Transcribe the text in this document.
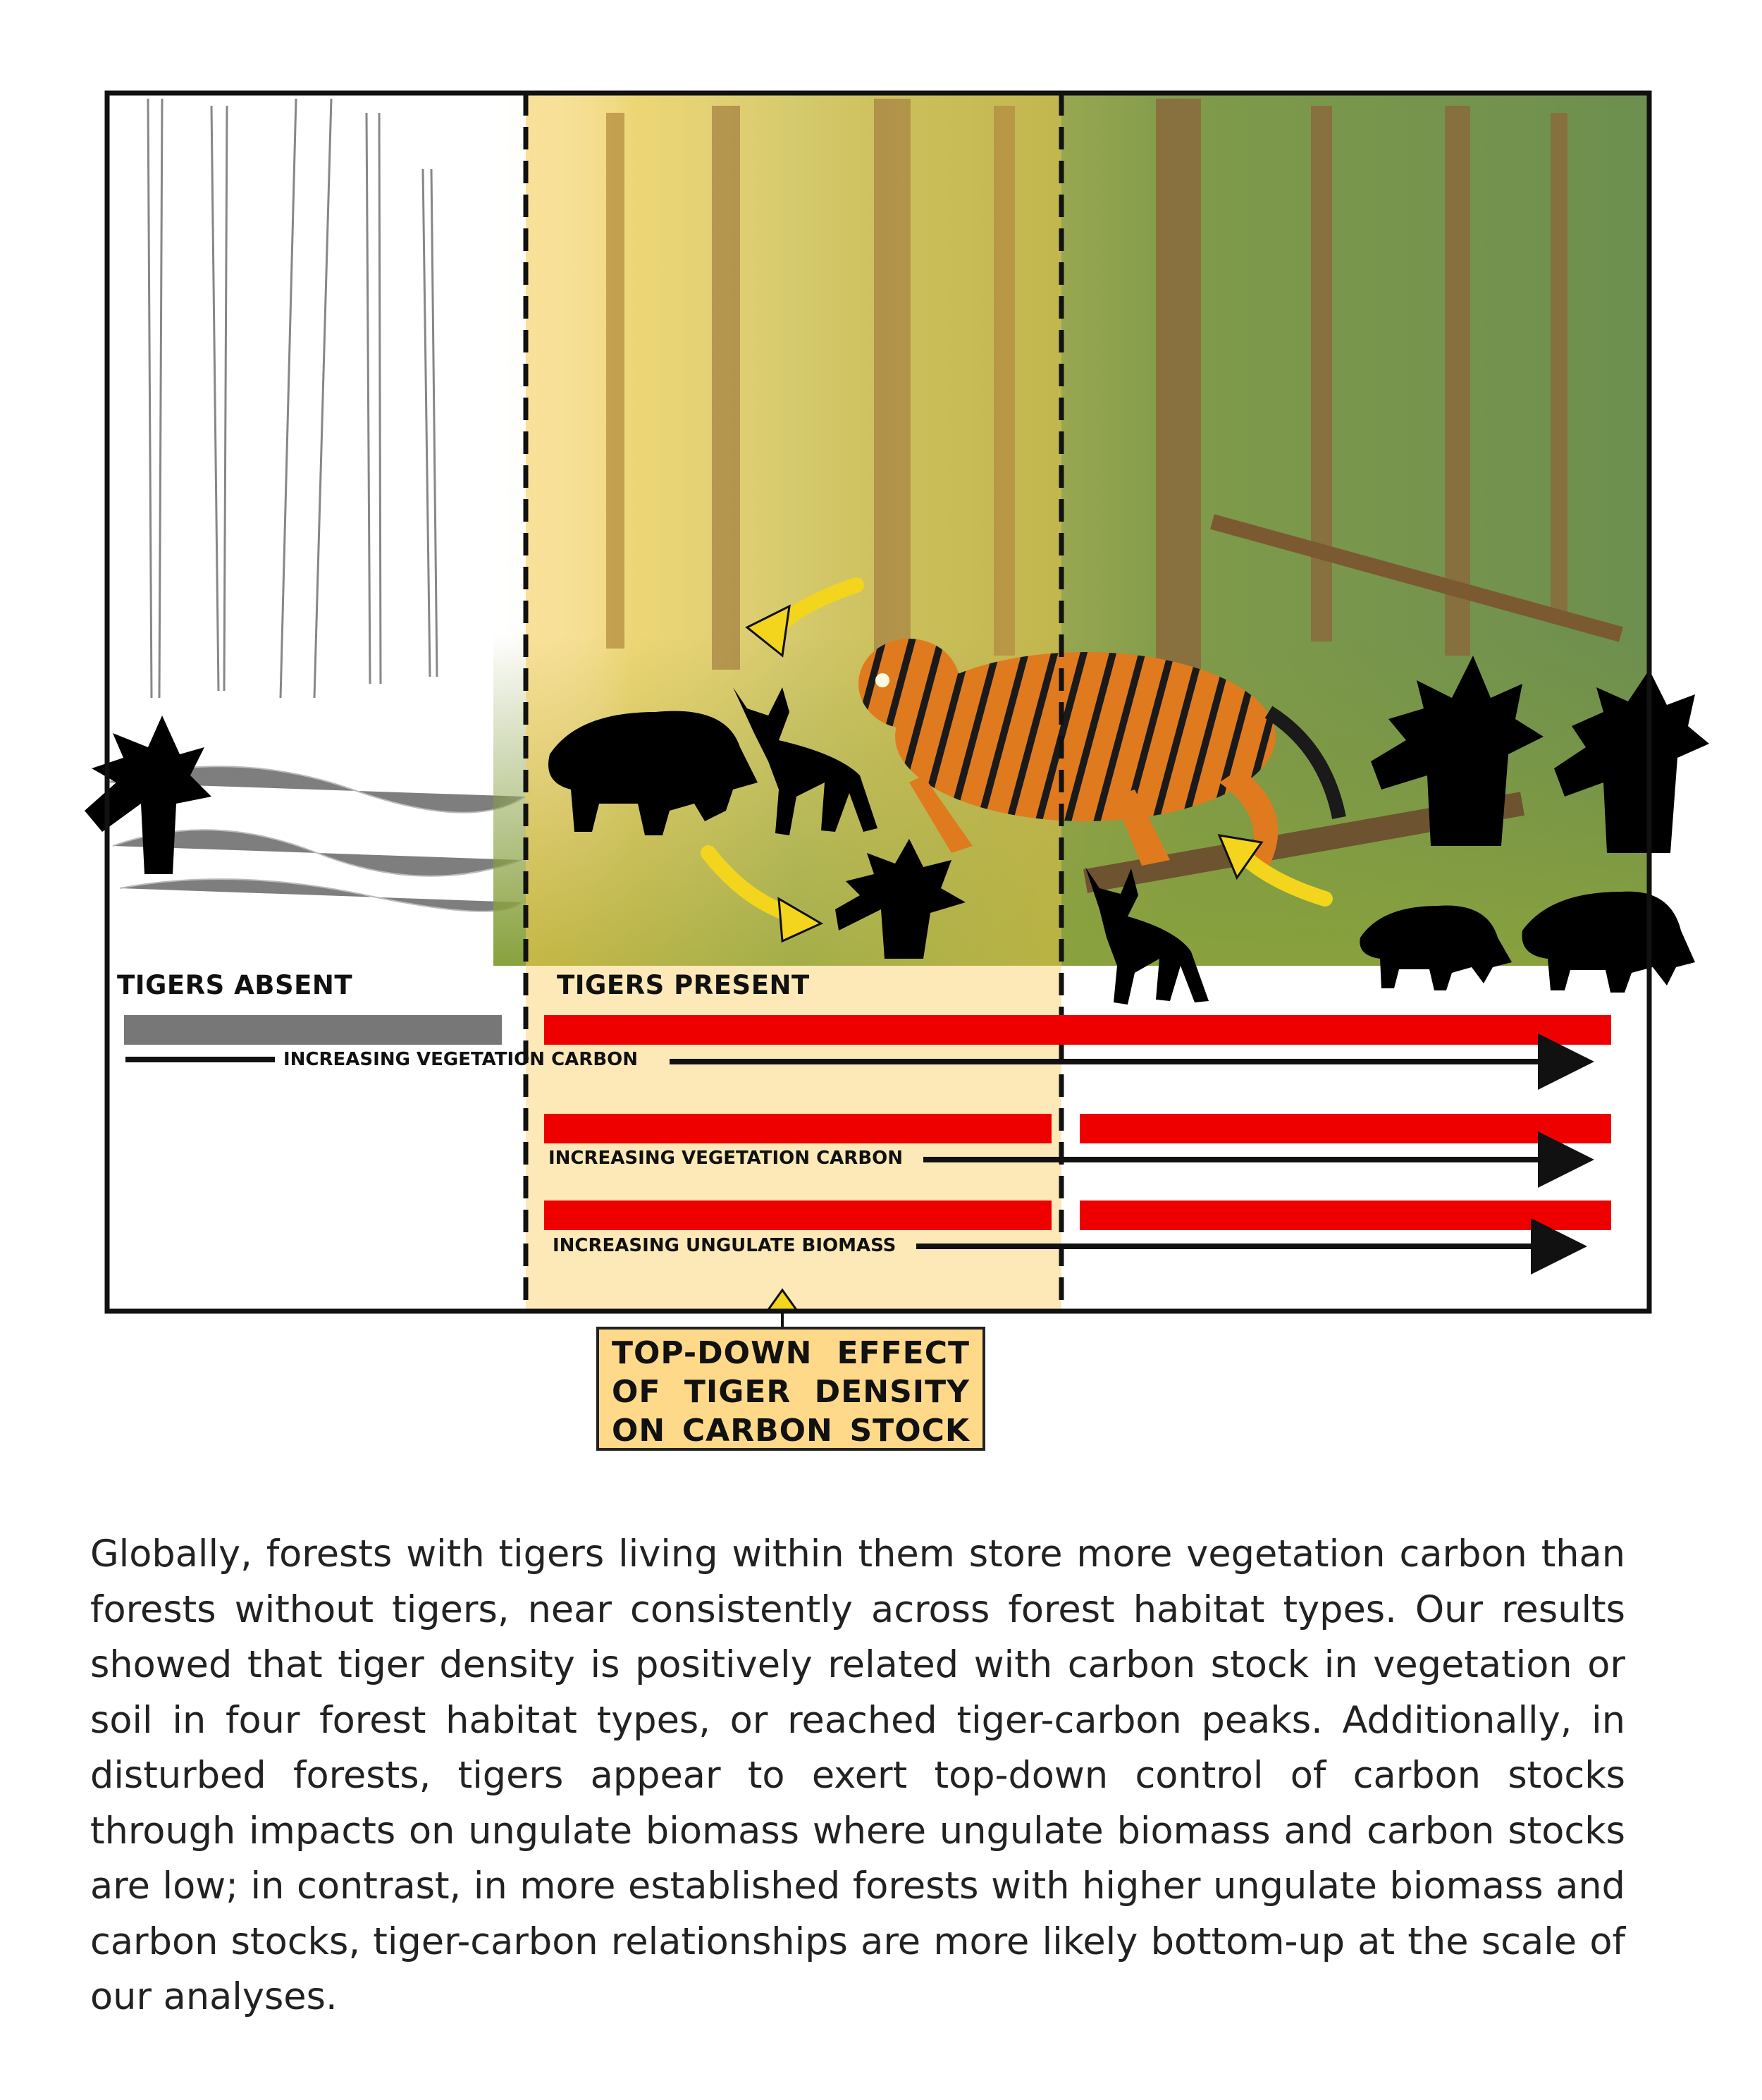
TIGERS ABSENT	TIGERS PRESENT
INCREASING VEGETATION CARBON
INCREASING VEGETATION CARBON
INCREASING UNGULATE BIOMASS
TOP-DOWN EFFECT
OF TIGER DENSITY
ON CARBON STOCK
Globally, forests with tigers living within them store more vegetation carbon than forests without tigers, near consistently across forest habitat types. Our results showed that tiger density is positively related with carbon stock in vegetation or soil in four forest habitat types, or reached tiger-carbon peaks. Additionally, in disturbed forests, tigers appear to exert top-down control of carbon stocks through impacts on ungulate biomass where ungulate biomass and carbon stocks are low; in contrast, in more established forests with higher ungulate biomass and carbon stocks, tiger-carbon relationships are more likely bottom-up at the scale of our analyses.
